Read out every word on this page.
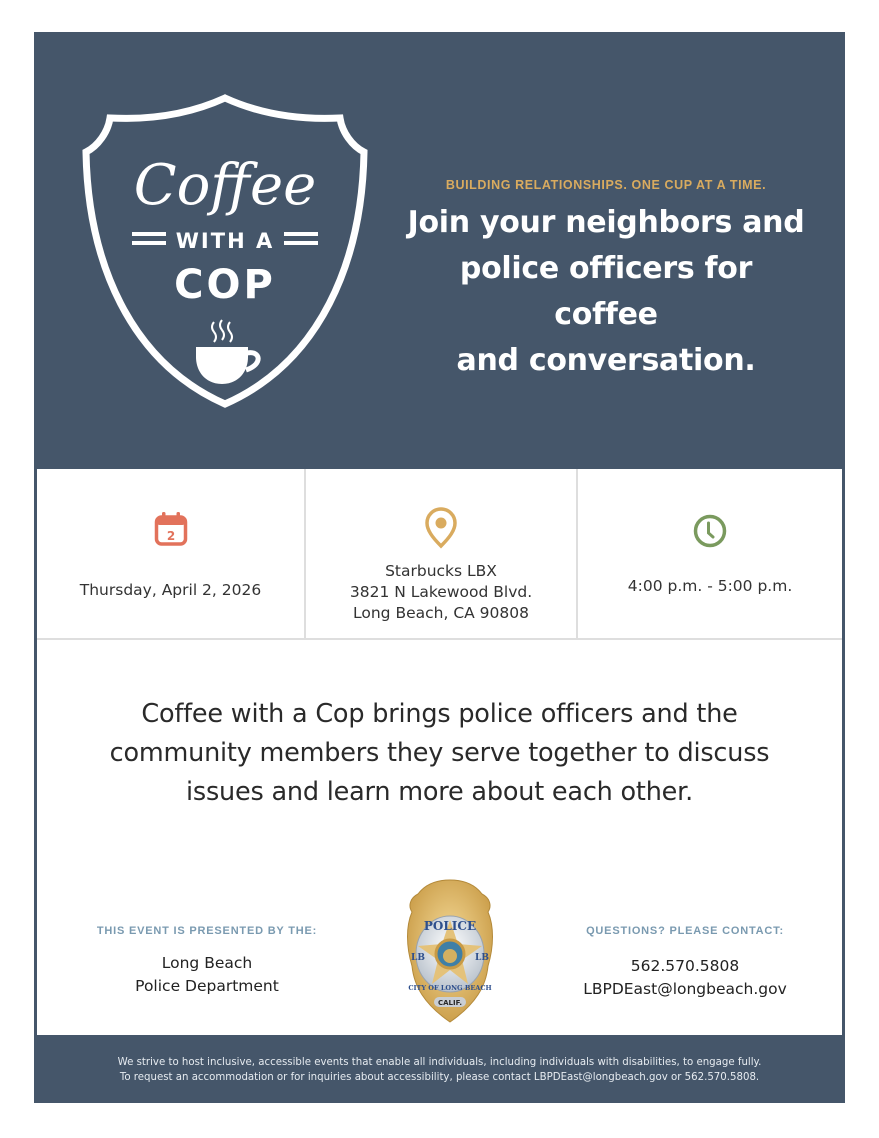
Coffee
WITH A
COP
BUILDING RELATIONSHIPS. ONE CUP AT A TIME.
Join your neighbors and
police officers for coffee
and conversation.
2
Thursday, April 2, 2026
Starbucks LBX
3821 N Lakewood Blvd.
Long Beach, CA 90808
4:00 p.m. - 5:00 p.m.
Coffee with a Cop brings police officers and the
community members they serve together to discuss
issues and learn more about each other.
THIS EVENT IS PRESENTED BY THE:
Long Beach
Police Department
POLICE
CITY OF LONG BEACH
LB	LB
CALIF.
QUESTIONS? PLEASE CONTACT:
562.570.5808
LBPDEast@longbeach.gov
We strive to host inclusive, accessible events that enable all individuals, including individuals with disabilities, to engage fully.
To request an accommodation or for inquiries about accessibility, please contact LBPDEast@longbeach.gov or 562.570.5808.
